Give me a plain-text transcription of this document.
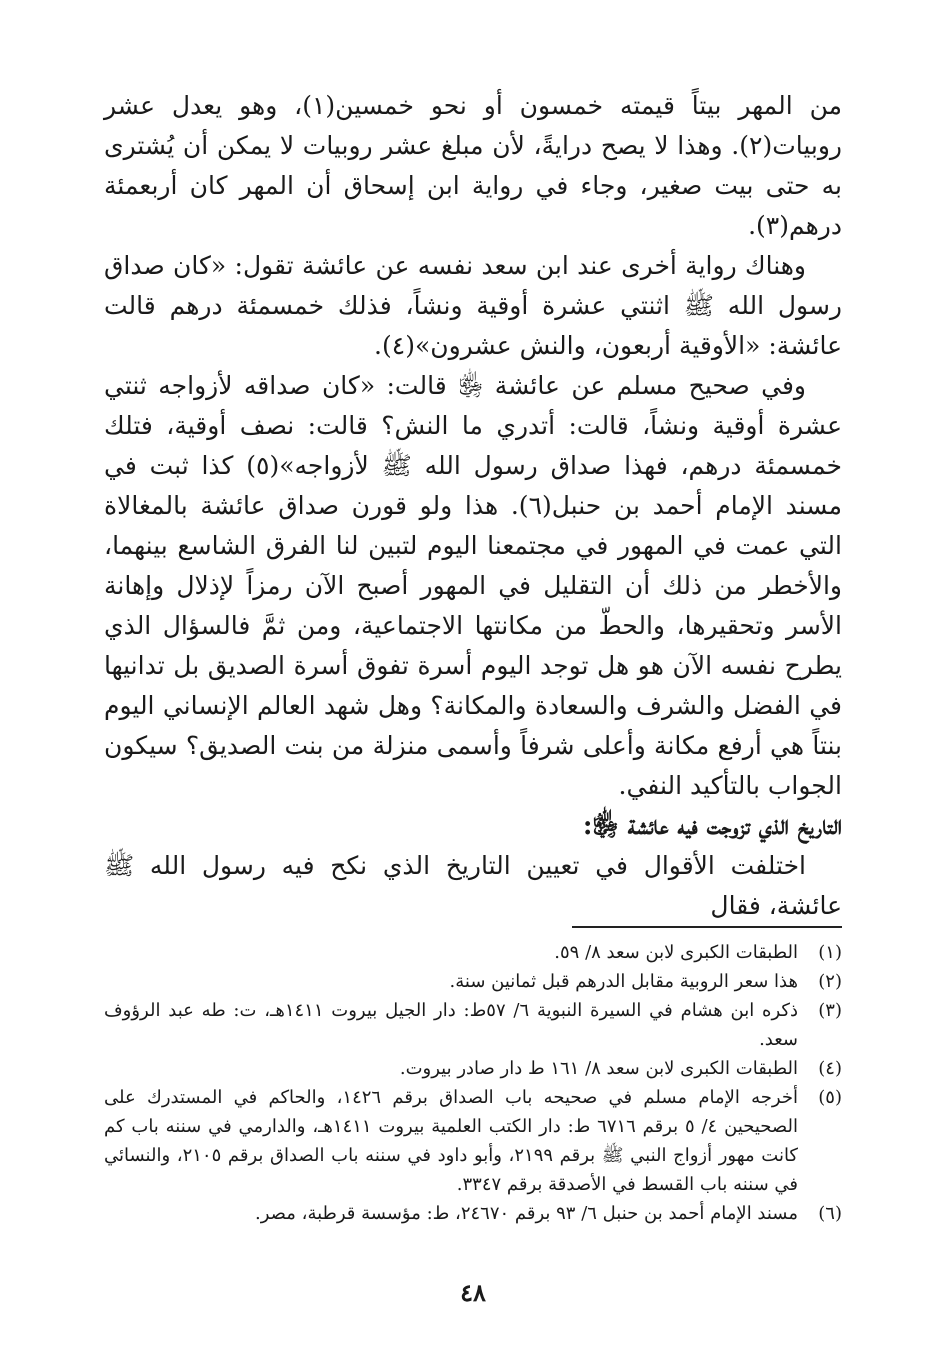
من المهر بيتاً قيمته خمسون أو نحو خمسين(١)، وهو يعدل عشر روبيات(٢). وهذا لا يصح درايةً، لأن مبلغ عشر روبيات لا يمكن أن يُشترى به حتى بيت صغير، وجاء في رواية ابن إسحاق أن المهر كان أربعمئة درهم(٣).

وهناك رواية أخرى عند ابن سعد نفسه عن عائشة تقول: «كان صداق رسول الله ﷺ اثنتي عشرة أوقية ونشاً، فذلك خمسمئة درهم قالت عائشة: «الأوقية أربعون، والنش عشرون»(٤).

وفي صحيح مسلم عن عائشة ﵂ قالت: «كان صداقه لأزواجه ثنتي عشرة أوقية ونشاً، قالت: أتدري ما النش؟ قالت: نصف أوقية، فتلك خمسمئة درهم، فهذا صداق رسول الله ﷺ لأزواجه»(٥) كذا ثبت في مسند الإمام أحمد بن حنبل(٦). هذا ولو قورن صداق عائشة بالمغالاة التي عمت في المهور في مجتمعنا اليوم لتبين لنا الفرق الشاسع بينهما، والأخطر من ذلك أن التقليل في المهور أصبح الآن رمزاً لإذلال وإهانة الأسر وتحقيرها، والحطّ من مكانتها الاجتماعية، ومن ثمَّ فالسؤال الذي يطرح نفسه الآن هو هل توجد اليوم أسرة تفوق أسرة الصديق بل تدانيها في الفضل والشرف والسعادة والمكانة؟ وهل شهد العالم الإنساني اليوم بنتاً هي أرفع مكانة وأعلى شرفاً وأسمى منزلة من بنت الصديق؟ سيكون الجواب بالتأكيد النفي.

التاريخ الذي تزوجت فيه عائشة ﵂:

اختلفت الأقوال في تعيين التاريخ الذي نكح فيه رسول الله ﷺ عائشة، فقال

(١)
الطبقات الكبرى لابن سعد ٨/ ٥٩.
(٢)
هذا سعر الروبية مقابل الدرهم قبل ثمانين سنة.
(٣)
ذكره ابن هشام في السيرة النبوية ٦/ ٥٧ط: دار الجيل بيروت ١٤١١هـ، ت: طه عبد الرؤوف سعد.
(٤)
الطبقات الكبرى لابن سعد ٨/ ١٦١ ط دار صادر بيروت.
(٥)
أخرجه الإمام مسلم في صحيحه باب الصداق برقم ١٤٢٦، والحاكم في المستدرك على الصحيحين ٤/ ٥ برقم ٦٧١٦ ط: دار الكتب العلمية بيروت ١٤١١هـ، والدارمي في سننه باب كم كانت مهور أزواج النبي ﷺ برقم ٢١٩٩، وأبو داود في سننه باب الصداق برقم ٢١٠٥، والنسائي في سننه باب القسط في الأصدقة برقم ٣٣٤٧.
(٦)
مسند الإمام أحمد بن حنبل ٦/ ٩٣ برقم ٢٤٦٧٠، ط: مؤسسة قرطبة، مصر.
٤٨
